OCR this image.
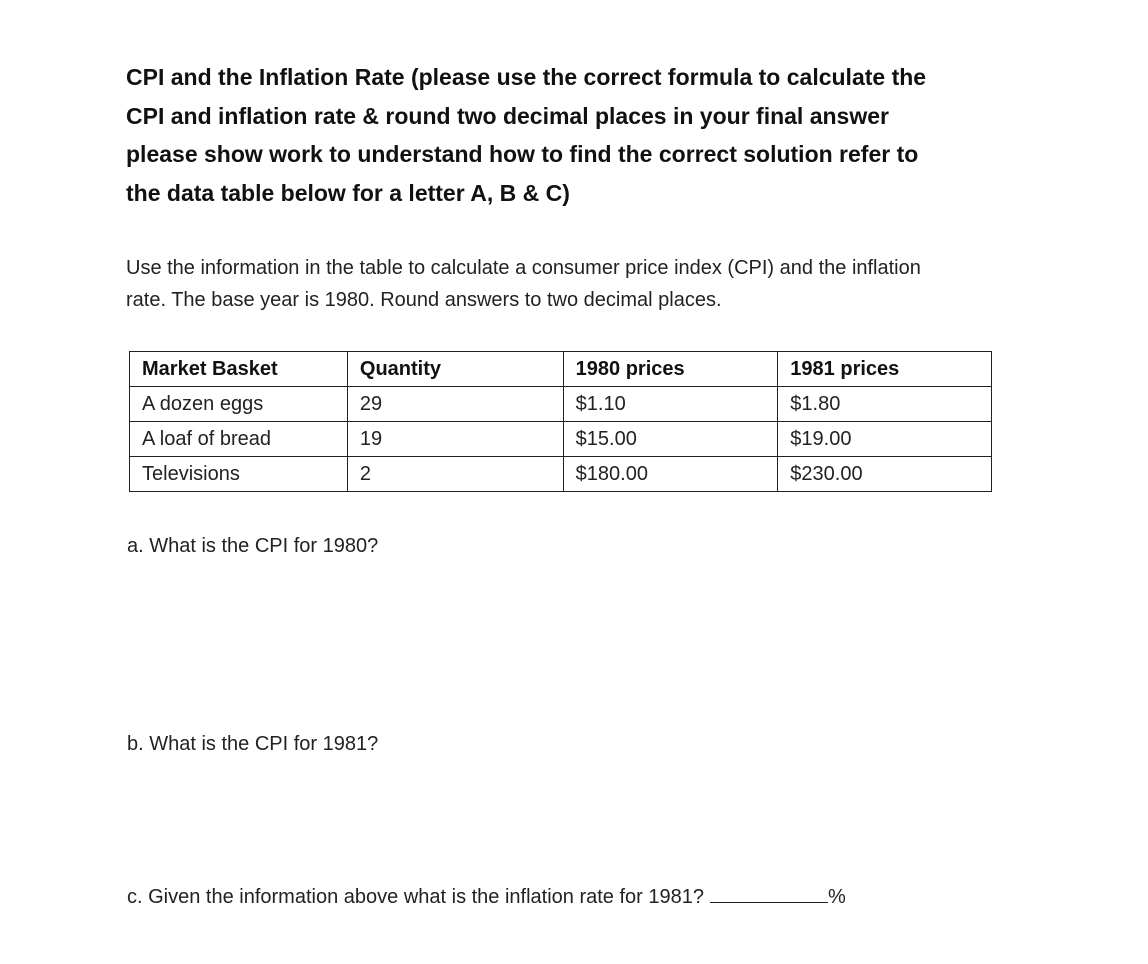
CPI and the Inflation Rate (please use the correct formula to calculate the CPI and inflation rate & round two decimal places in your final answer please show work to understand how to find the correct solution refer to the data table below for a letter A, B & C)

Use the information in the table to calculate a consumer price index (CPI) and the inflation rate. The base year is 1980. Round answers to two decimal places.

Market Basket	Quantity	1980 prices	1981 prices
A dozen eggs	29	$1.10	$1.80
A loaf of bread	19	$15.00	$19.00
Televisions	2	$180.00	$230.00

a. What is the CPI for 1980?

b. What is the CPI for 1981?

c. Given the information above what is the inflation rate for 1981?	%
